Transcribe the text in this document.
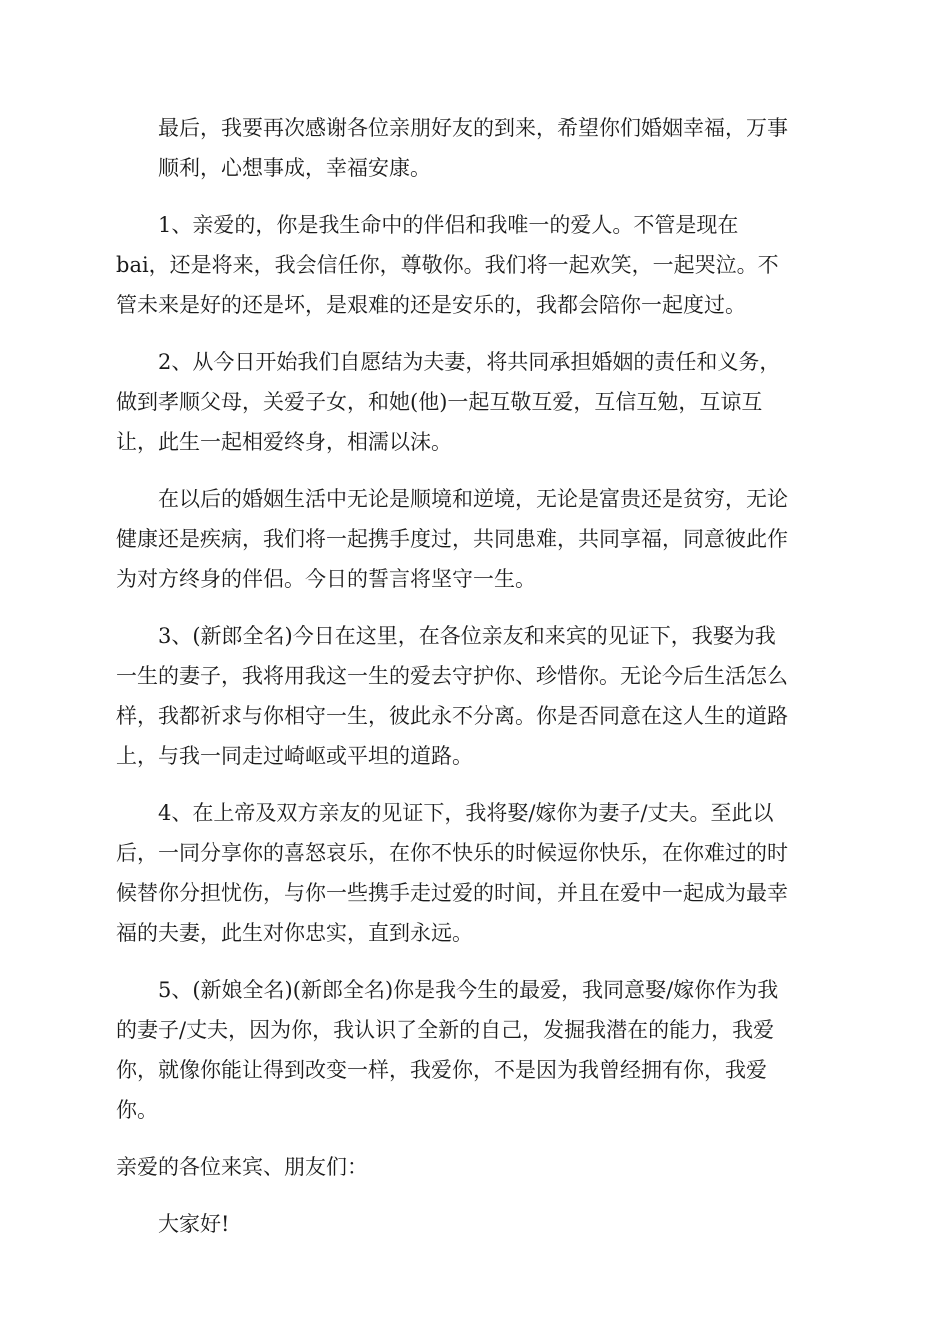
最后，我要再次感谢各位亲朋好友的到来，希望你们婚姻幸福，万事
顺利，心想事成，幸福安康。

1、亲爱的，你是我生命中的伴侣和我唯一的爱人。不管是现在
bai，还是将来，我会信任你，尊敬你。我们将一起欢笑，一起哭泣。不
管未来是好的还是坏，是艰难的还是安乐的，我都会陪你一起度过。

2、从今日开始我们自愿结为夫妻，将共同承担婚姻的责任和义务，
做到孝顺父母，关爱子女，和她(他)一起互敬互爱，互信互勉，互谅互
让，此生一起相爱终身，相濡以沫。

在以后的婚姻生活中无论是顺境和逆境，无论是富贵还是贫穷，无论
健康还是疾病，我们将一起携手度过，共同患难，共同享福，同意彼此作
为对方终身的伴侣。今日的誓言将坚守一生。

3、(新郎全名)今日在这里，在各位亲友和来宾的见证下，我娶为我
一生的妻子，我将用我这一生的爱去守护你、珍惜你。无论今后生活怎么
样，我都祈求与你相守一生，彼此永不分离。你是否同意在这人生的道路
上，与我一同走过崎岖或平坦的道路。

4、在上帝及双方亲友的见证下，我将娶/嫁你为妻子/丈夫。至此以
后，一同分享你的喜怒哀乐，在你不快乐的时候逗你快乐，在你难过的时
候替你分担忧伤，与你一些携手走过爱的时间，并且在爱中一起成为最幸
福的夫妻，此生对你忠实，直到永远。

5、(新娘全名)(新郎全名)你是我今生的最爱，我同意娶/嫁你作为我
的妻子/丈夫，因为你，我认识了全新的自己，发掘我潜在的能力，我爱
你，就像你能让得到改变一样，我爱你，不是因为我曾经拥有你，我爱
你。

亲爱的各位来宾、朋友们：

大家好!
